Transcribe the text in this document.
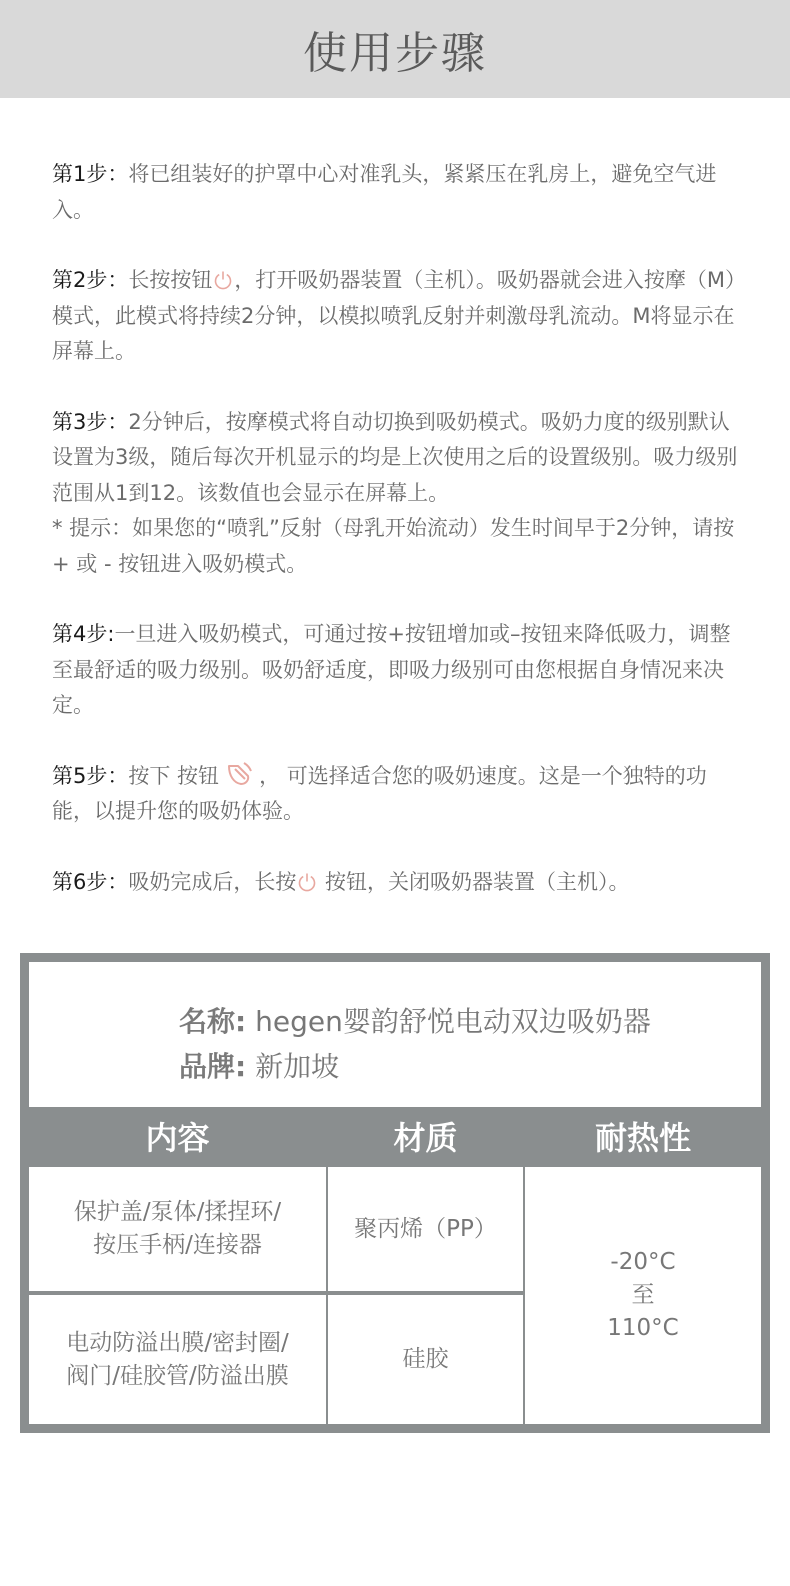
使用步骤

第1步：将已组装好的护罩中心对准乳头，紧紧压在乳房上，避免空气进入。

第2步：长按按钮 ，打开吸奶器装置（主机）。吸奶器就会进入按摩（M）模式，此模式将持续2分钟，以模拟喷乳反射并刺激母乳流动。M将显示在屏幕上。

第3步：2分钟后，按摩模式将自动切换到吸奶模式。吸奶力度的级别默认设置为3级，随后每次开机显示的均是上次使用之后的设置级别。吸力级别范围从1到12。该数值也会显示在屏幕上。

* 提示：如果您的“喷乳”反射（母乳开始流动）发生时间早于2分钟，请按 + 或 - 按钮进入吸奶模式。

第4步:一旦进入吸奶模式，可通过按+按钮增加或–按钮来降低吸力，调整至最舒适的吸力级别。吸奶舒适度，即吸力级别可由您根据自身情况来决定。

第5步：按下 按钮 ， 可选择适合您的吸奶速度。这是一个独特的功能，以提升您的吸奶体验。

第6步：吸奶完成后，长按 按钮，关闭吸奶器装置（主机）。

名称: hegen婴韵舒悦电动双边吸奶器
品牌: 新加坡
内容	材质	耐热性
保护盖/泵体/揉捏环/
按压手柄/连接器
聚丙烯（PP）
电动防溢出膜/密封圈/
阀门/硅胶管/防溢出膜
硅胶
-20°C
至
110°C
